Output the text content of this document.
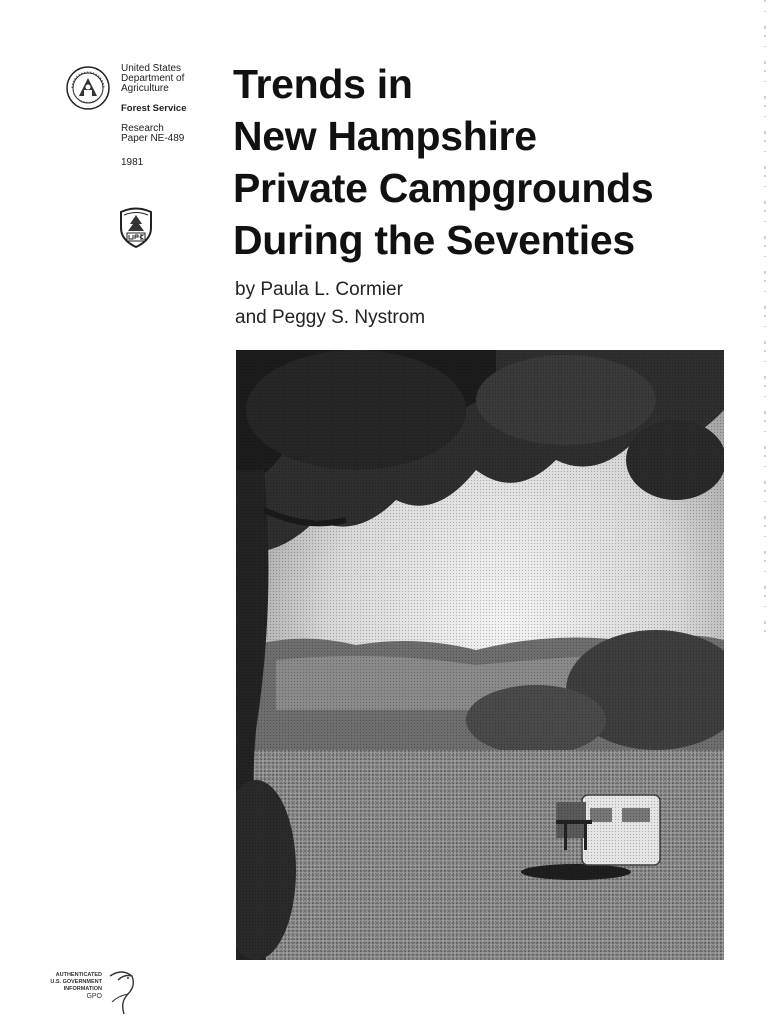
United States
Department of
Agriculture
Forest Service
Research
Paper NE-489
1981
Trends in
New Hampshire
Private Campgrounds
During the Seventies
by Paula L. Cormier
and Peggy S. Nystrom
AUTHENTICATED
U.S. GOVERNMENT
INFORMATION
GPO
